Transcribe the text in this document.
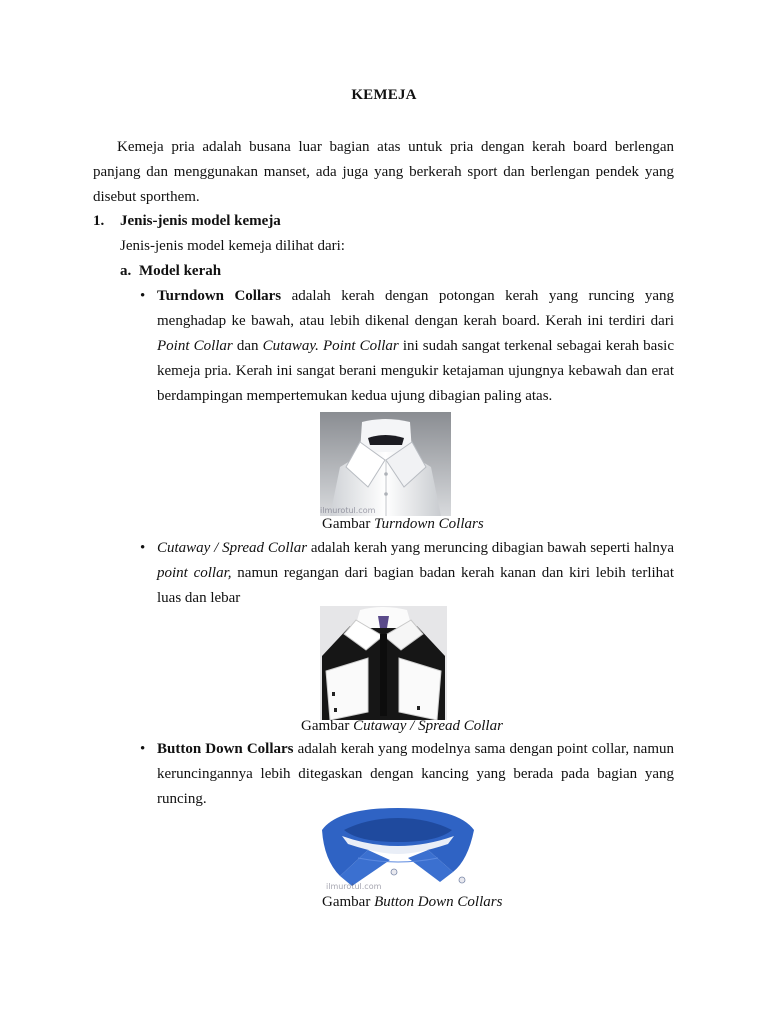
KEMEJA

Kemeja pria adalah busana luar bagian atas untuk pria dengan kerah board berlengan panjang dan menggunakan manset, ada juga yang berkerah sport dan berlengan pendek yang disebut sporthem.

1. Jenis-jenis model kemeja
Jenis-jenis model kemeja dilihat dari:
a. Model kerah
• Turndown Collars adalah kerah dengan potongan kerah yang runcing yang menghadap ke bawah, atau lebih dikenal dengan kerah board. Kerah ini terdiri dari Point Collar dan Cutaway. Point Collar ini sudah sangat terkenal sebagai kerah basic kemeja pria. Kerah ini sangat berani mengukir ketajaman ujungnya kebawah dan erat berdampingan mempertemukan kedua ujung dibagian paling atas.

ilmurotul.com
Gambar Turndown Collars
• Cutaway / Spread Collar adalah kerah yang meruncing dibagian bawah seperti halnya point collar, namun regangan dari bagian badan kerah kanan dan kiri lebih terlihat luas dan lebar

Gambar Cutaway / Spread Collar
• Button Down Collars adalah kerah yang modelnya sama dengan point collar, namun keruncingannya lebih ditegaskan dengan kancing yang berada pada bagian yang runcing.

ilmurotul.com
Gambar Button Down Collars
